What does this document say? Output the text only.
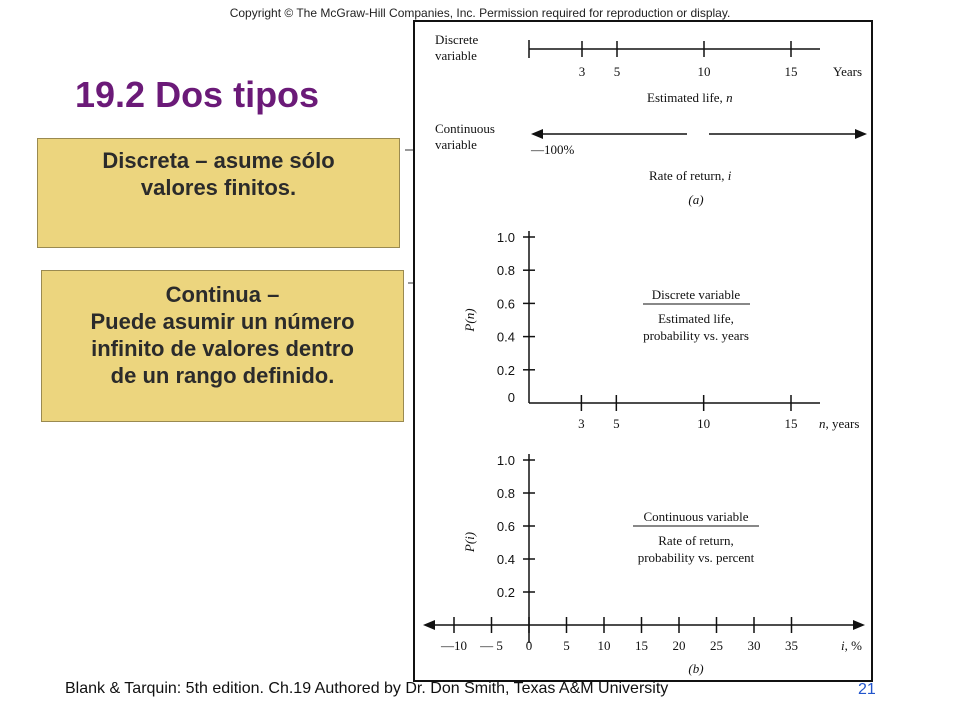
Copyright © The McGraw-Hill Companies, Inc. Permission required for reproduction or display.
19.2 Dos tipos
Discreta – asume sólo
valores finitos.
Continua –
Puede asumir un número
infinito de valores dentro
de un rango definido.
Discrete
variable
3 5	10	15	Years
Estimated life, n
Continuous
variable	—100%
Rate of return, i
(a)
0
0.2
0.4
0.6
0.8
1.0
3 5	10	15 n, years
P(n)
Discrete variable
Estimated life,
probability vs. years
0.2
0.4
0.6
0.8
1.0
—10 — 5 0 5 10 15 20 25 30 35	i, %
P(i)
Continuous variable
Rate of return,
probability vs. percent
(b)
Blank & Tarquin: 5th edition. Ch.19 Authored by Dr. Don Smith, Texas A&M University	21
